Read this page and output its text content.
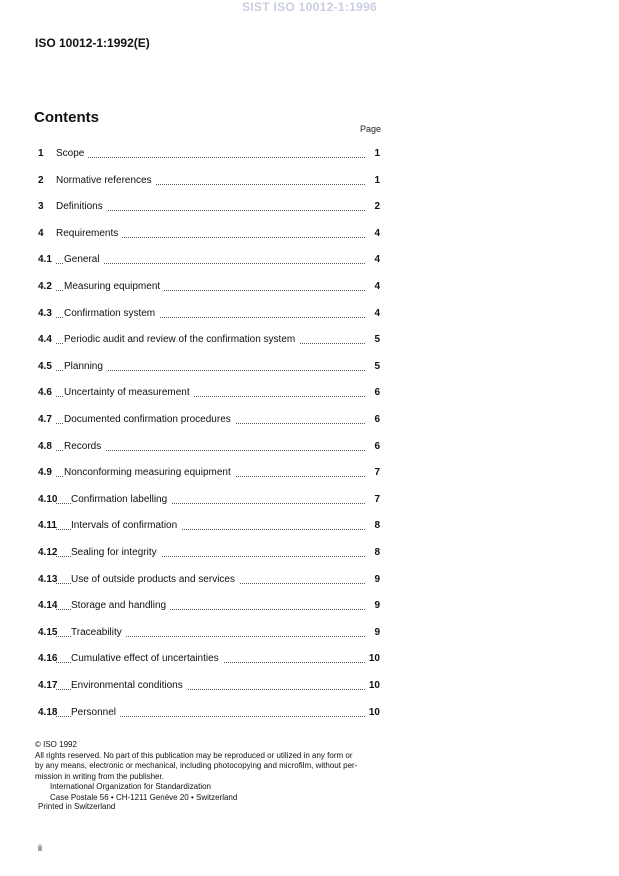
SIST ISO 10012-1:1996
ISO 10012-1:1992(E)
Contents
Page
1 Scope	1
2 Normative references	1
3 Definitions	2
4 Requirements	4
4.1 General	4
4.2 Measuring equipment	4
4.3 Confirmation system	4
4.4 Periodic audit and review of the confirmation system	5
4.5 Planning	5
4.6 Uncertainty of measurement	6
4.7 Documented confirmation procedures	6
4.8 Records	6
4.9 Nonconforming measuring equipment	7
4.10 Confirmation labelling	7
4.11 Intervals of confirmation	8
4.12 Sealing for integrity	8
4.13 Use of outside products and services	9
4.14 Storage and handling	9
4.15 Traceability	9
4.16 Cumulative effect of uncertainties	10
4.17 Environmental conditions	10
4.18 Personnel	10
© ISO 1992
All rights reserved. No part of this publication may be reproduced or utilized in any form or
by any means, electronic or mechanical, including photocopying and microfilm, without per-
mission in writing from the publisher.
International Organization for Standardization
Case Postale 56 • CH-1211 Genève 20 • Switzerland
Printed in Switzerland
ii
